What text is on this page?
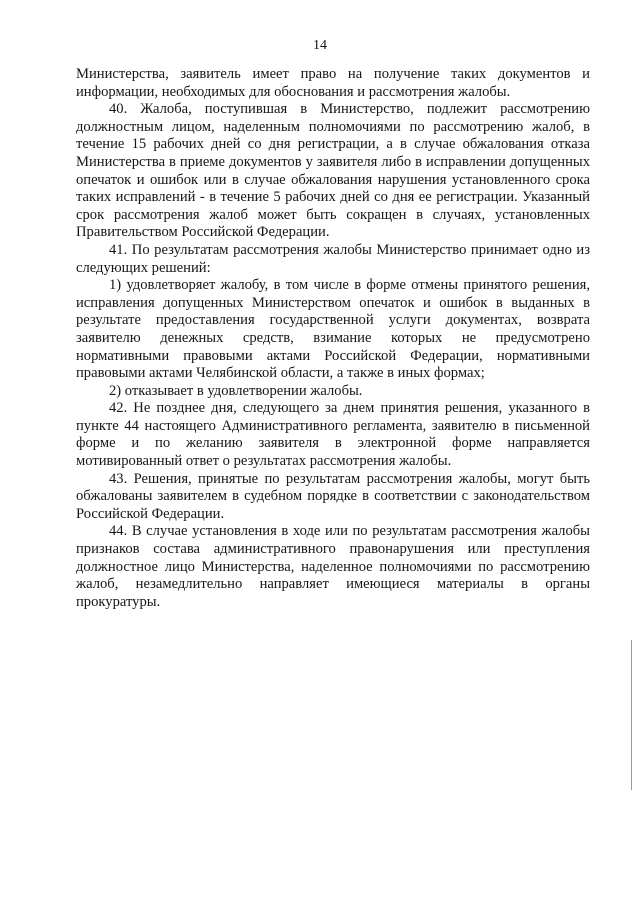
14

Министерства, заявитель имеет право на получение таких документов и информации, необходимых для обоснования и рассмотрения жалобы.

40. Жалоба, поступившая в Министерство, подлежит рассмотрению должностным лицом, наделенным полномочиями по рассмотрению жалоб, в течение 15 рабочих дней со дня регистрации, а в случае обжалования отказа Министерства в приеме документов у заявителя либо в исправлении допущенных опечаток и ошибок или в случае обжалования нарушения установленного срока таких исправлений - в течение 5 рабочих дней со дня ее регистрации. Указанный срок рассмотрения жалоб может быть сокращен в случаях, установленных Правительством Российской Федерации.

41. По результатам рассмотрения жалобы Министерство принимает одно из следующих решений:

1) удовлетворяет жалобу, в том числе в форме отмены принятого решения, исправления допущенных Министерством опечаток и ошибок в выданных в результате предоставления государственной услуги документах, возврата заявителю денежных средств, взимание которых не предусмотрено нормативными правовыми актами Российской Федерации, нормативными правовыми актами Челябинской области, а также в иных формах;

2) отказывает в удовлетворении жалобы.

42. Не позднее дня, следующего за днем принятия решения, указанного в пункте 44 настоящего Административного регламента, заявителю в письменной форме и по желанию заявителя в электронной форме направляется мотивированный ответ о результатах рассмотрения жалобы.

43. Решения, принятые по результатам рассмотрения жалобы, могут быть обжалованы заявителем в судебном порядке в соответствии с законодательством Российской Федерации.

44. В случае установления в ходе или по результатам рассмотрения жалобы признаков состава административного правонарушения или преступления должностное лицо Министерства, наделенное полномочиями по рассмотрению жалоб, незамедлительно направляет имеющиеся материалы в органы прокуратуры.
